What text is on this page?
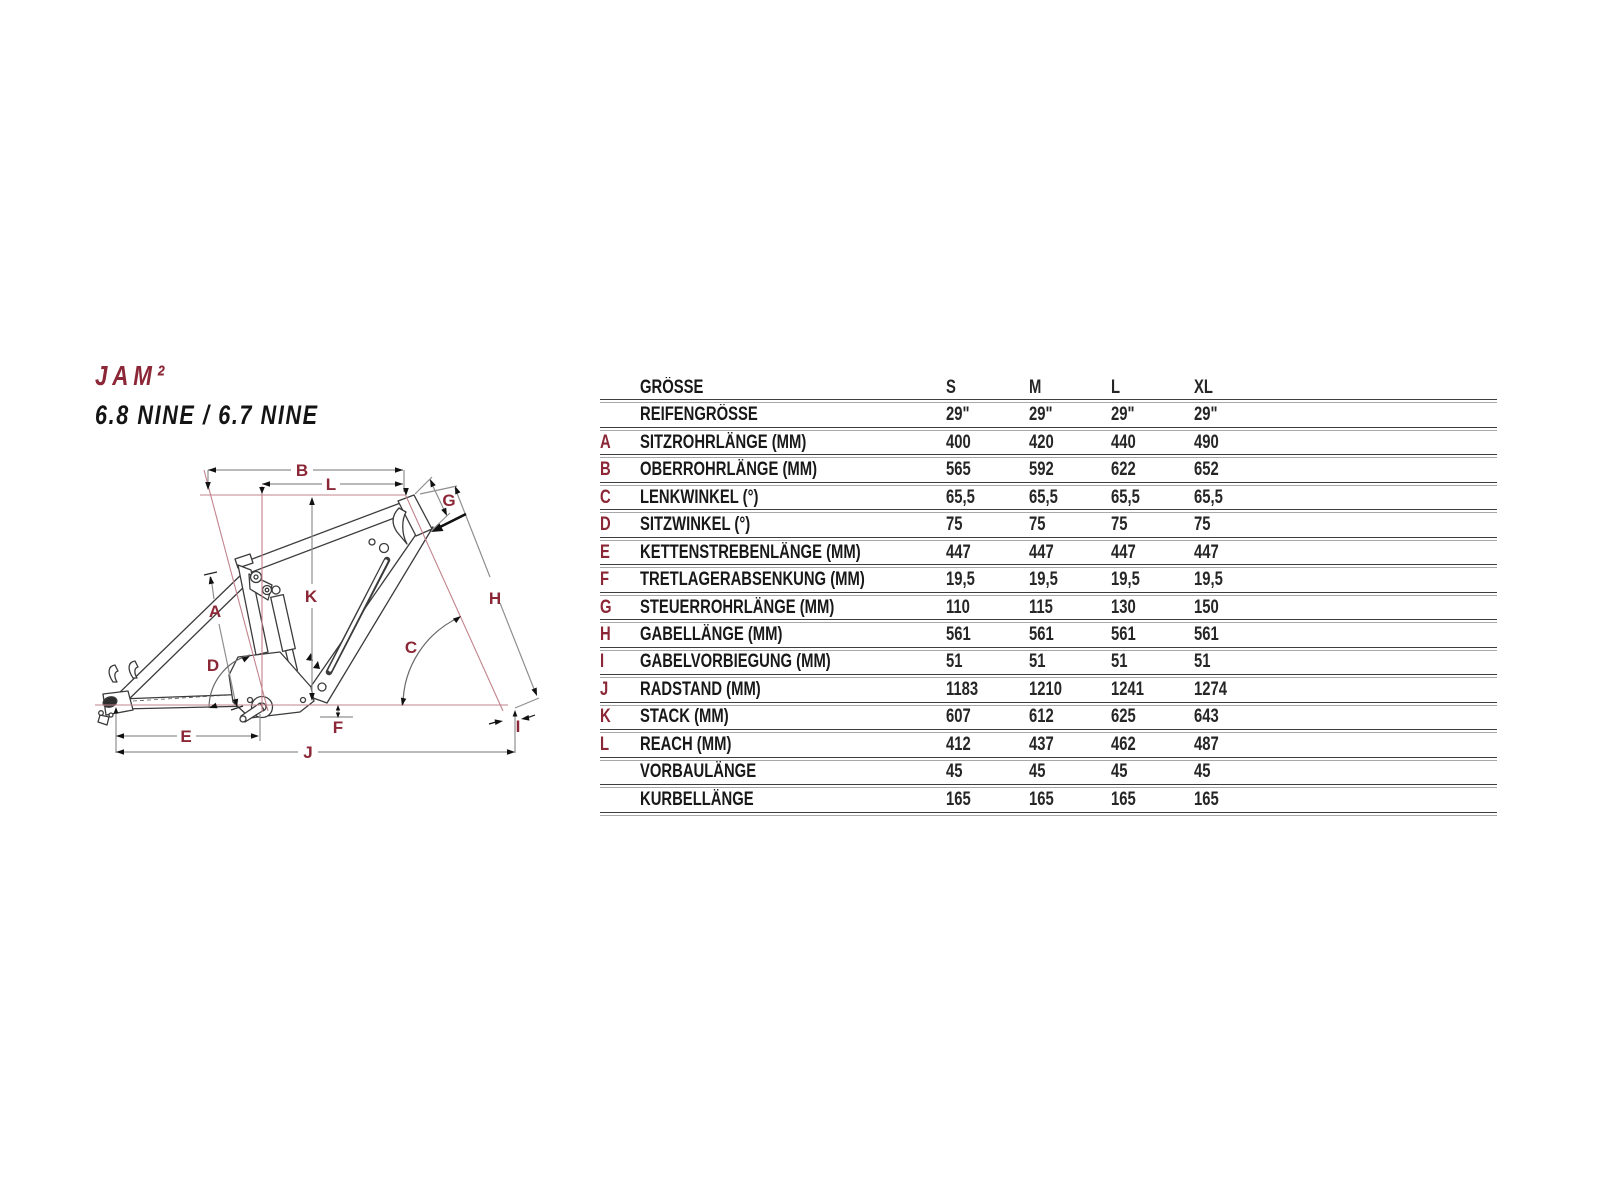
JAM²
6.8 NINE / 6.7 NINE
A
B
C
D
E	F
G
H
I
J
K
L
GRÖSSE	S	M	L	XL
REIFENGRÖSSE	29"	29"	29"	29"
A	SITZROHRLÄNGE (MM)	400	420	440	490
B	OBERROHRLÄNGE (MM)	565	592	622	652
C	LENKWINKEL (°)	65,5	65,5	65,5	65,5
D	SITZWINKEL (°)	75	75	75	75
E	KETTENSTREBENLÄNGE (MM)	447	447	447	447
F	TRETLAGERABSENKUNG (MM)	19,5	19,5	19,5	19,5
G	STEUERROHRLÄNGE (MM)	110	115	130	150
H	GABELLÄNGE (MM)	561	561	561	561
I	GABELVORBIEGUNG (MM)	51	51	51	51
J	RADSTAND (MM)	1183	1210	1241	1274
K	STACK (MM)	607	612	625	643
L	REACH (MM)	412	437	462	487
VORBAULÄNGE	45	45	45	45
KURBELLÄNGE	165	165	165	165
